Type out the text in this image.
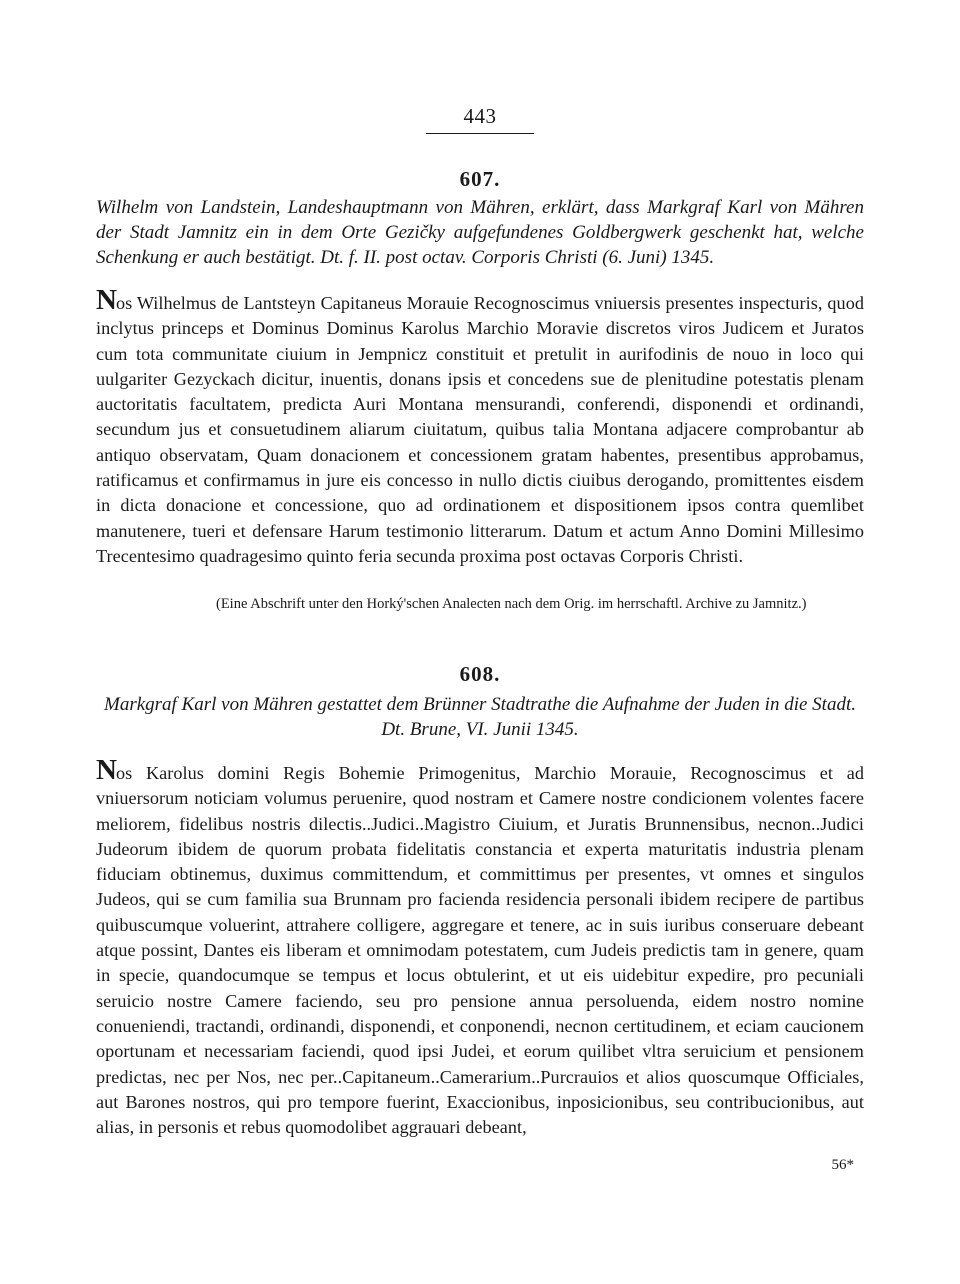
443
607.
Wilhelm von Landstein, Landeshauptmann von Mähren, erklärt, dass Markgraf Karl von Mähren der Stadt Jamnitz ein in dem Orte Gezičky aufgefundenes Goldbergwerk geschenkt hat, welche Schenkung er auch bestätigt. Dt. f. II. post octav. Corporis Christi (6. Juni) 1345.

Nos Wilhelmus de Lantsteyn Capitaneus Morauie Recognoscimus vniuersis presentes inspecturis, quod inclytus princeps et Dominus Dominus Karolus Marchio Moravie discretos viros Judicem et Juratos cum tota communitate ciuium in Jempnicz constituit et pretulit in aurifodinis de nouo in loco qui uulgariter Gezyckach dicitur, inuentis, donans ipsis et concedens sue de plenitudine potestatis plenam auctoritatis facultatem, predicta Auri Montana mensurandi, conferendi, disponendi et ordinandi, secundum jus et consuetudinem aliarum ciuitatum, quibus talia Montana adjacere comprobantur ab antiquo observatam, Quam donacionem et concessionem gratam habentes, presentibus approbamus, ratificamus et confirmamus in jure eis concesso in nullo dictis ciuibus derogando, promittentes eisdem in dicta donacione et concessione, quo ad ordinationem et dispositionem ipsos contra quemlibet manutenere, tueri et defensare Harum testimonio litterarum. Datum et actum Anno Domini Millesimo Trecentesimo quadragesimo quinto feria secunda proxima post octavas Corporis Christi.

(Eine Abschrift unter den Horký'schen Analecten nach dem Orig. im herrschaftl. Archive zu Jamnitz.)
608.
Markgraf Karl von Mähren gestattet dem Brünner Stadtrathe die Aufnahme der Juden in die Stadt. Dt. Brune, VI. Junii 1345.

Nos Karolus domini Regis Bohemie Primogenitus, Marchio Morauie, Recognoscimus et ad vniuersorum noticiam volumus peruenire, quod nostram et Camere nostre condicionem volentes facere meliorem, fidelibus nostris dilectis..Judici..Magistro Ciuium, et Juratis Brunnensibus, necnon..Judici Judeorum ibidem de quorum probata fidelitatis constancia et experta maturitatis industria plenam fiduciam obtinemus, duximus committendum, et committimus per presentes, vt omnes et singulos Judeos, qui se cum familia sua Brunnam pro facienda residencia personali ibidem recipere de partibus quibuscumque voluerint, attrahere colligere, aggregare et tenere, ac in suis iuribus conseruare debeant atque possint, Dantes eis liberam et omnimodam potestatem, cum Judeis predictis tam in genere, quam in specie, quandocumque se tempus et locus obtulerint, et ut eis uidebitur expedire, pro pecuniali seruicio nostre Camere faciendo, seu pro pensione annua persoluenda, eidem nostro nomine conueniendi, tractandi, ordinandi, disponendi, et conponendi, necnon certitudinem, et eciam caucionem oportunam et necessariam faciendi, quod ipsi Judei, et eorum quilibet vltra seruicium et pensionem predictas, nec per Nos, nec per..Capitaneum..Camerarium..Purcrauios et alios quoscumque Officiales, aut Barones nostros, qui pro tempore fuerint, Exaccionibus, inposicionibus, seu contribucionibus, aut alias, in personis et rebus quomodolibet aggrauari debeant,

56*
